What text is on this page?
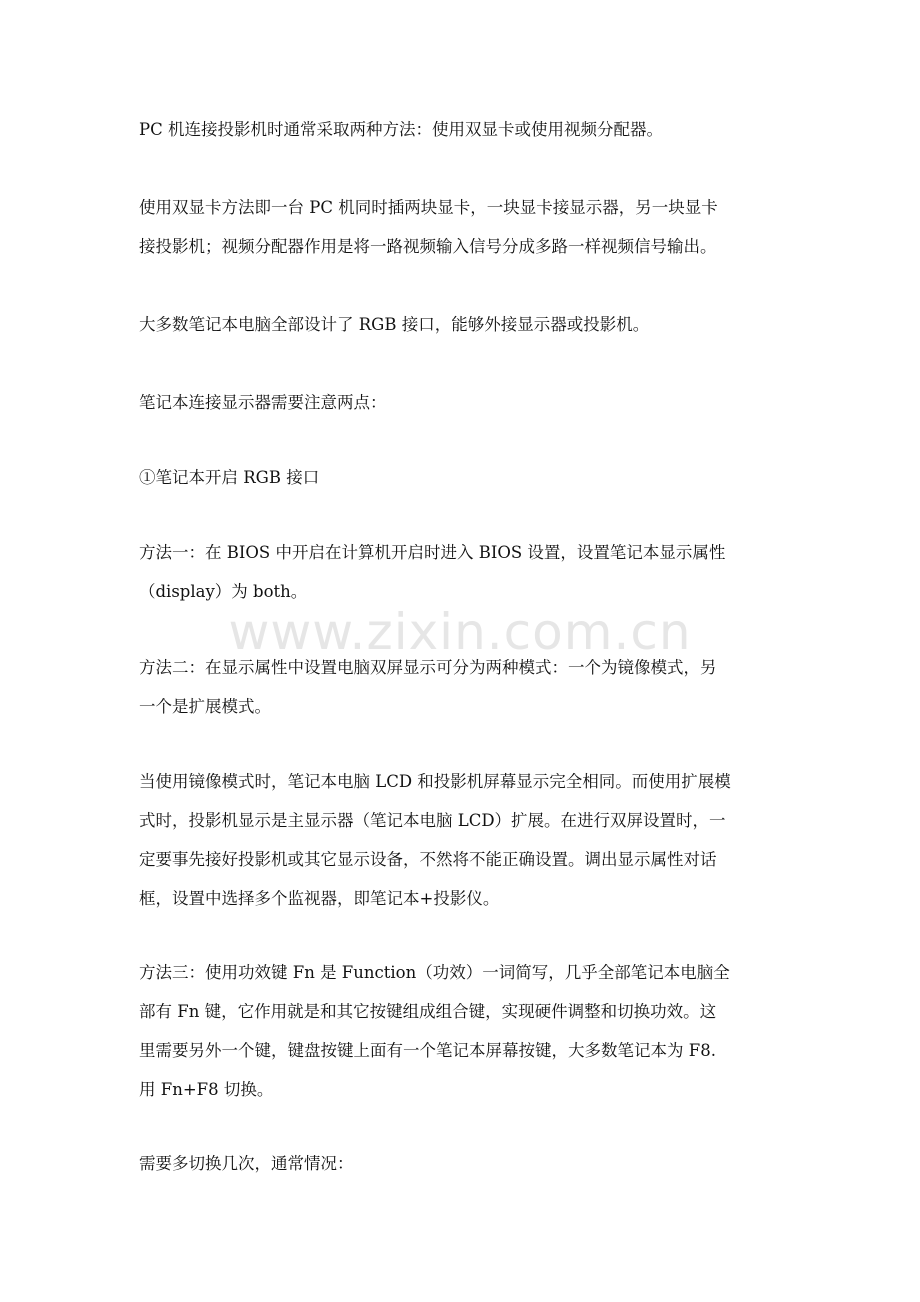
www.zixin.com.cn

PC 机连接投影机时通常采取两种方法：使用双显卡或使用视频分配器。

使用双显卡方法即一台 PC 机同时插两块显卡，一块显卡接显示器，另一块显卡
接投影机；视频分配器作用是将一路视频输入信号分成多路一样视频信号输出。

大多数笔记本电脑全部设计了 RGB 接口，能够外接显示器或投影机。

笔记本连接显示器需要注意两点：

①笔记本开启 RGB 接口

方法一：在 BIOS 中开启在计算机开启时进入 BIOS 设置，设置笔记本显示属性
（display）为 both。

方法二：在显示属性中设置电脑双屏显示可分为两种模式：一个为镜像模式，另
一个是扩展模式。

当使用镜像模式时，笔记本电脑 LCD 和投影机屏幕显示完全相同。而使用扩展模
式时，投影机显示是主显示器（笔记本电脑 LCD）扩展。在进行双屏设置时，一
定要事先接好投影机或其它显示设备，不然将不能正确设置。调出显示属性对话
框，设置中选择多个监视器，即笔记本+投影仪。

方法三：使用功效键 Fn 是 Function（功效）一词简写，几乎全部笔记本电脑全
部有 Fn 键，它作用就是和其它按键组成组合键，实现硬件调整和切换功效。这
里需要另外一个键，键盘按键上面有一个笔记本屏幕按键，大多数笔记本为 F8.
用 Fn+F8 切换。

需要多切换几次，通常情况：
